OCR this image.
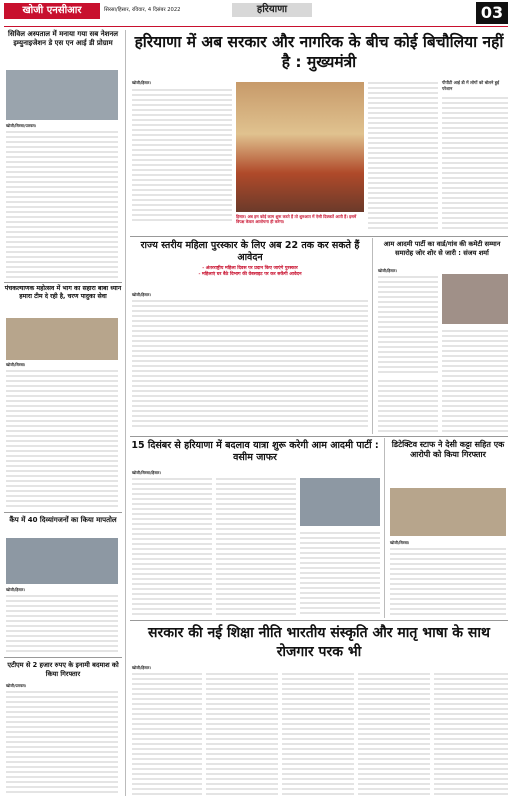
खोजी एनसीआर	सिरसा/हिसार, रविवार, 4 दिसंबर 2022	हरियाणा	03
सिविल अस्पताल में मनाया गया सब नेशनल इम्युनाइजेशन डे एस एन आई डी प्रोग्राम
खोजी/सिरसा/पलवल।
पंचकल्याणक महोत्सव में भाग का सहारा बाबा ध्यान हमारा टीम दे रही है, चरण पादुका सेवा
खोजी/सिरसा।
कैंप में 40 दिव्यांगजनों का किया मापतोल
खोजी/हिसार।
एटीएम से 2 हजार रुपए के इनामी बदमाश को किया गिरफ्तार
खोजी/पलवल।
हरियाणा में अब सरकार और नागरिक के बीच कोई बिचौलिया नहीं है : मुख्यमंत्री
खोजी/हिसार।
हिसार। अब हम कोई काम शुरू करते हैं तो शुरुआत में ऐसी दिक्कतें आती हैं। इसमें विपक्ष केवल आलोचना ही करेगा।
पीपीटी आई डी में लोगों को बोलने हुई परेशान
राज्य स्तरीय महिला पुरस्कार के लिए अब 22 तक कर सकते हैं आवेदन
- अंतरराष्ट्रीय महिला दिवस पर प्रदान किए जाएंगे पुरस्कार
- महिलाएं घर बैठे विभाग की वेबसाइट पर कर सकेंगी आवेदन
खोजी/हिसार।
आम आदमी पार्टी का वार्ड/गांव की कमेटी सम्मान समारोह जोर शोर से जारी : संजय शर्मा
खोजी/हिसार।
15 दिसंबर से हरियाणा में बदलाव यात्रा शुरू करेगी आम आदमी पार्टी : वसीम जाफर
खोजी/सिरसा/हिसार।
डिटेक्टिव स्टाफ ने देसी कट्टा सहित एक आरोपी को किया गिरफ्तार
खोजी/सिरसा।
सरकार की नई शिक्षा नीति भारतीय संस्कृति और मातृ भाषा के साथ रोजगार परक भी
खोजी/हिसार।
